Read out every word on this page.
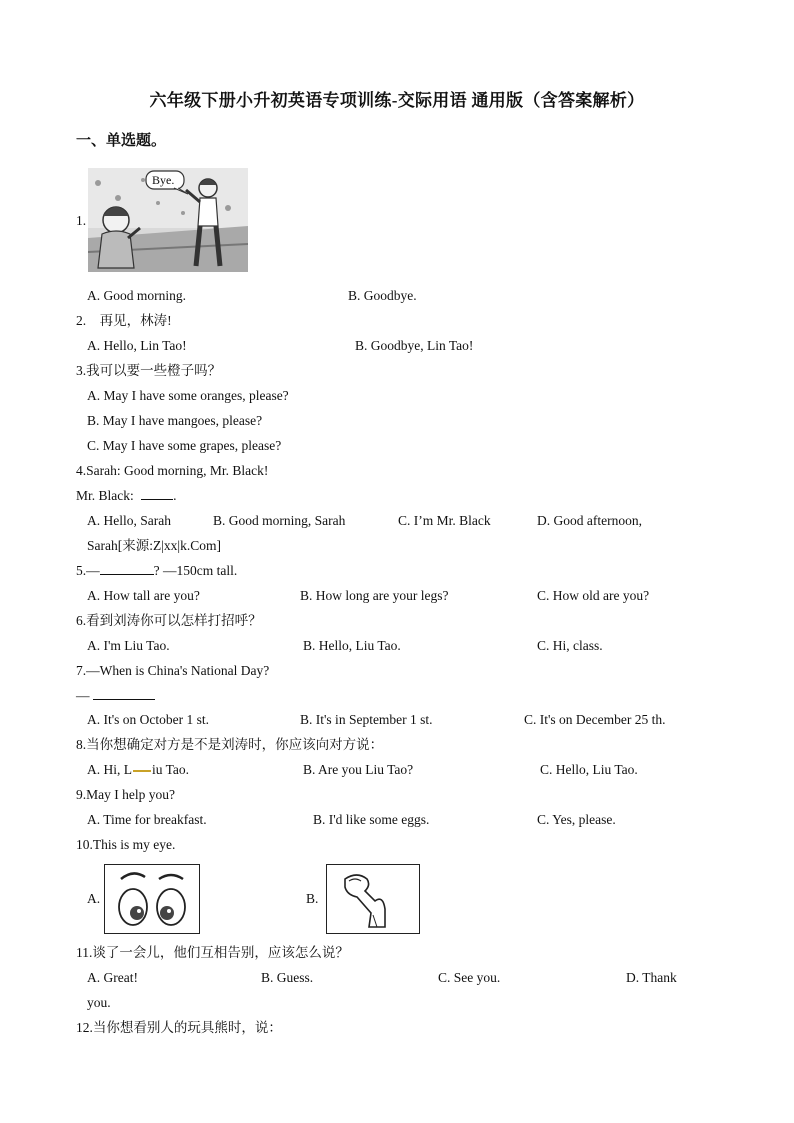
六年级下册小升初英语专项训练-交际用语 通用版（含答案解析）
一、单选题。
1.
Bye.
A. Good morning.	B. Goodbye.
2.　再见，林涛!
A. Hello, Lin Tao!	B. Goodbye, Lin Tao!
3.我可以要一些橙子吗？
A. May I have some oranges, please?
B. May I have mangoes, please?
C. May I have some grapes, please?
4.Sarah: Good morning, Mr. Black!
Mr. Black:	.
A. Hello, Sarah	B. Good morning, Sarah	C. I’m Mr. Black	D. Good afternoon,
Sarah[来源:Z|xx|k.Com]
5.—	? —150cm tall.
A. How tall are you?	B. How long are your legs?	C. How old are you?
6.看到刘涛你可以怎样打招呼？
A. I'm Liu Tao.	B. Hello, Liu Tao.	C. Hi, class.
7.—When is China's National Day?
—
A. It's on October 1 st.	B. It's in September 1 st.	C. It's on December 25 th.
8.当你想确定对方是不是刘涛时，你应该向对方说：
A. Hi, L iu Tao.	B. Are you Liu Tao?	C. Hello, Liu Tao.
9.May I help you?
A. Time for breakfast.	B. I'd like some eggs.	C. Yes, please.
10.This is my eye.
A.	B.
11.谈了一会儿，他们互相告别，应该怎么说？
A. Great!	B. Guess.	C. See you.	D. Thank
you.
12.当你想看别人的玩具熊时，说：
